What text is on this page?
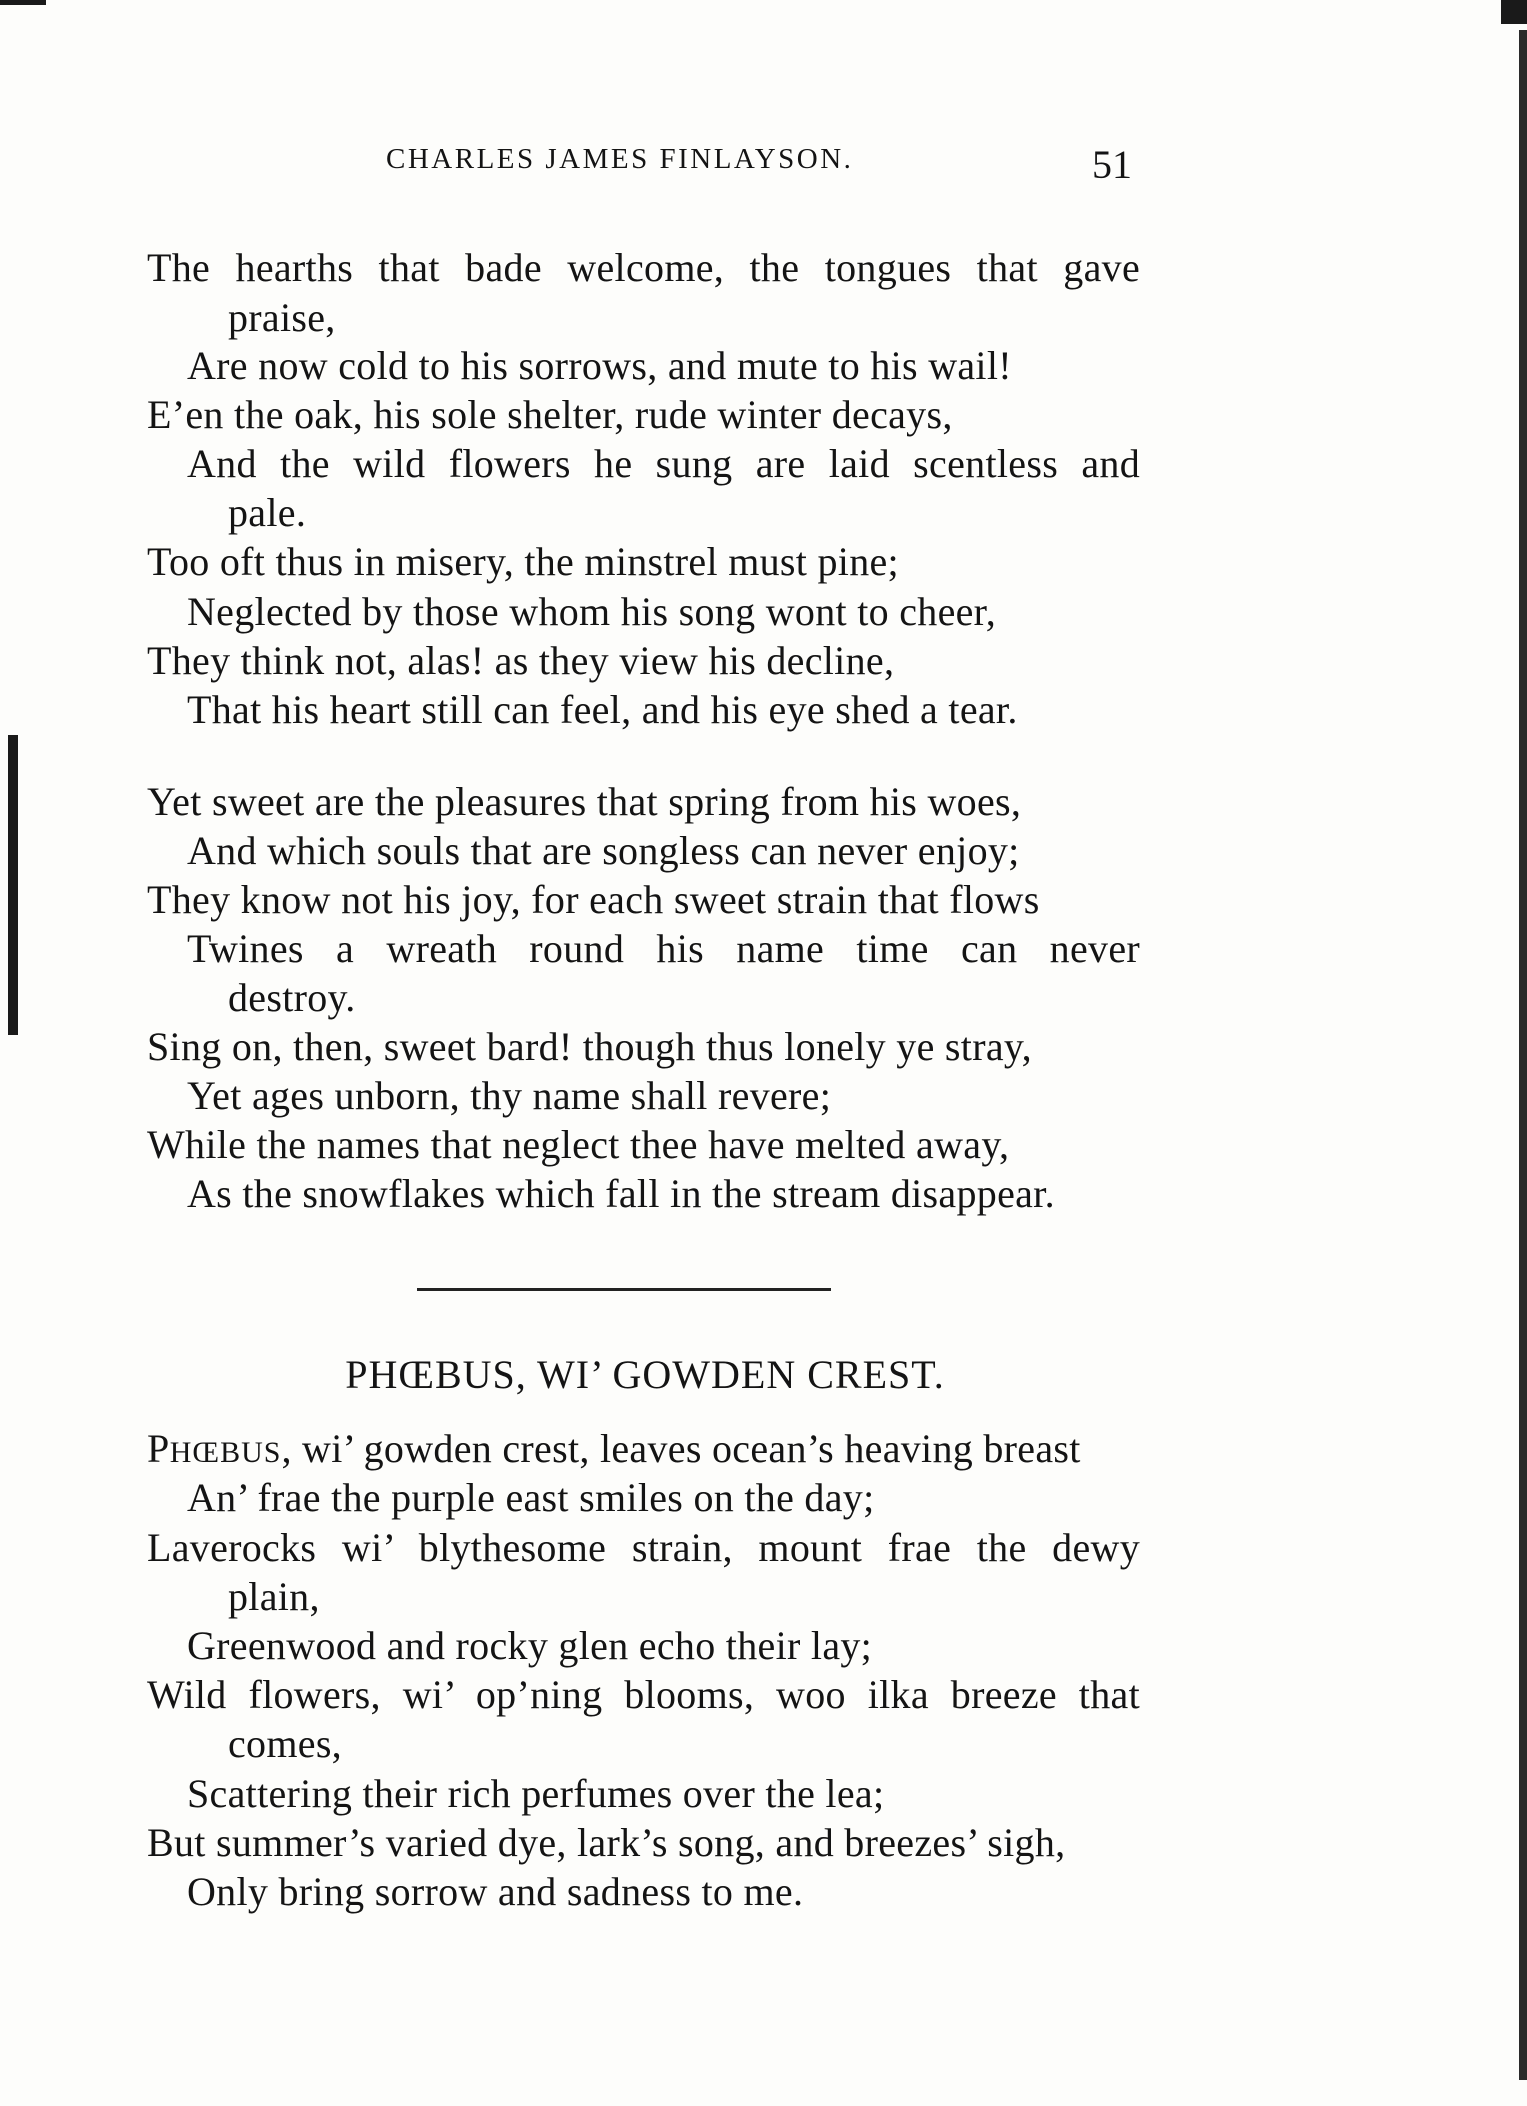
CHARLES JAMES FINLAYSON.	51
The hearths that bade welcome, the tongues that gave
praise,
Are now cold to his sorrows, and mute to his wail!
E’en the oak, his sole shelter, rude winter decays,
And the wild flowers he sung are laid scentless and
pale.
Too oft thus in misery, the minstrel must pine;
Neglected by those whom his song wont to cheer,
They think not, alas! as they view his decline,
That his heart still can feel, and his eye shed a tear.
Yet sweet are the pleasures that spring from his woes,
And which souls that are songless can never enjoy;
They know not his joy, for each sweet strain that flows
Twines a wreath round his name time can never
destroy.
Sing on, then, sweet bard! though thus lonely ye stray,
Yet ages unborn, thy name shall revere;
While the names that neglect thee have melted away,
As the snowflakes which fall in the stream disappear.
PHŒBUS, WI’ GOWDEN CREST.
PHŒBUS, wi’ gowden crest, leaves ocean’s heaving breast
An’ frae the purple east smiles on the day;
Laverocks wi’ blythesome strain, mount frae the dewy
plain,
Greenwood and rocky glen echo their lay;
Wild flowers, wi’ op’ning blooms, woo ilka breeze that
comes,
Scattering their rich perfumes over the lea;
But summer’s varied dye, lark’s song, and breezes’ sigh,
Only bring sorrow and sadness to me.
